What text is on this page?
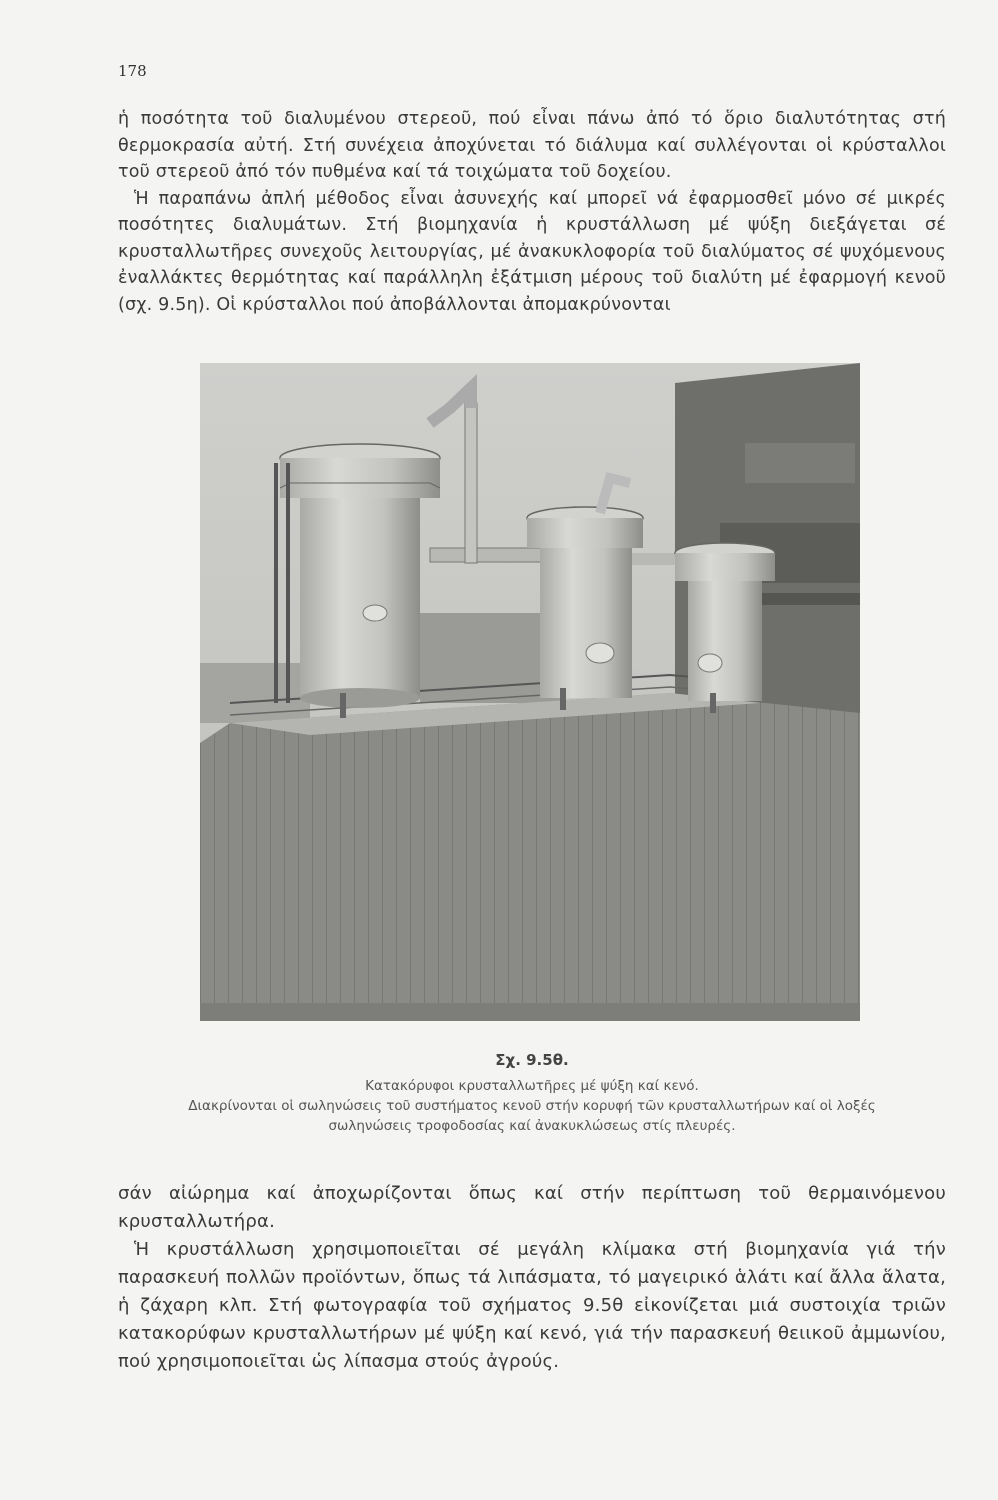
178

ἡ ποσότητα τοῦ διαλυμένου στερεοῦ, πού εἶναι πάνω ἀπό τό ὅριο διαλυτότητας στή θερμοκρασία αὐτή. Στή συνέχεια ἀποχύνεται τό διάλυμα καί συλλέγονται οἱ κρύσταλλοι τοῦ στερεοῦ ἀπό τόν πυθμένα καί τά τοιχώματα τοῦ δοχείου.

Ἡ παραπάνω ἀπλή μέθοδος εἶναι ἀσυνεχής καί μπορεῖ νά ἐφαρμοσθεῖ μόνο σέ μικρές ποσότητες διαλυμάτων. Στή βιομηχανία ἡ κρυστάλλωση μέ ψύξη διεξάγεται σέ κρυσταλλωτῆρες συνεχοῦς λειτουργίας, μέ ἀνακυκλοφορία τοῦ διαλύματος σέ ψυχόμενους ἐναλλάκτες θερμότητας καί παράλληλη ἐξάτμιση μέρους τοῦ διαλύτη μέ ἐφαρμογή κενοῦ (σχ. 9.5η). Οἱ κρύσταλλοι πού ἀποβάλλονται ἀπομακρύνονται

Σχ. 9.5θ.

Κατακόρυφοι κρυσταλλωτῆρες μέ ψύξη καί κενό.

Διακρίνονται οἱ σωληνώσεις τοῦ συστήματος κενοῦ στήν κορυφή τῶν κρυσταλλωτήρων καί οἱ λοξές

σωληνώσεις τροφοδοσίας καί ἀνακυκλώσεως στίς πλευρές.

σάν αἰώρημα καί ἀποχωρίζονται ὅπως καί στήν περίπτωση τοῦ θερμαινόμενου κρυσταλλωτήρα.

Ἡ κρυστάλλωση χρησιμοποιεῖται σέ μεγάλη κλίμακα στή βιομηχανία γιά τήν παρασκευή πολλῶν προϊόντων, ὅπως τά λιπάσματα, τό μαγειρικό ἁλάτι καί ἄλλα ἅλατα, ἡ ζάχαρη κλπ. Στή φωτογραφία τοῦ σχήματος 9.5θ εἰκονίζεται μιά συστοιχία τριῶν κατακορύφων κρυσταλλωτήρων μέ ψύξη καί κενό, γιά τήν παρασκευή θειικοῦ ἀμμωνίου, πού χρησιμοποιεῖται ὡς λίπασμα στούς ἀγρούς.
